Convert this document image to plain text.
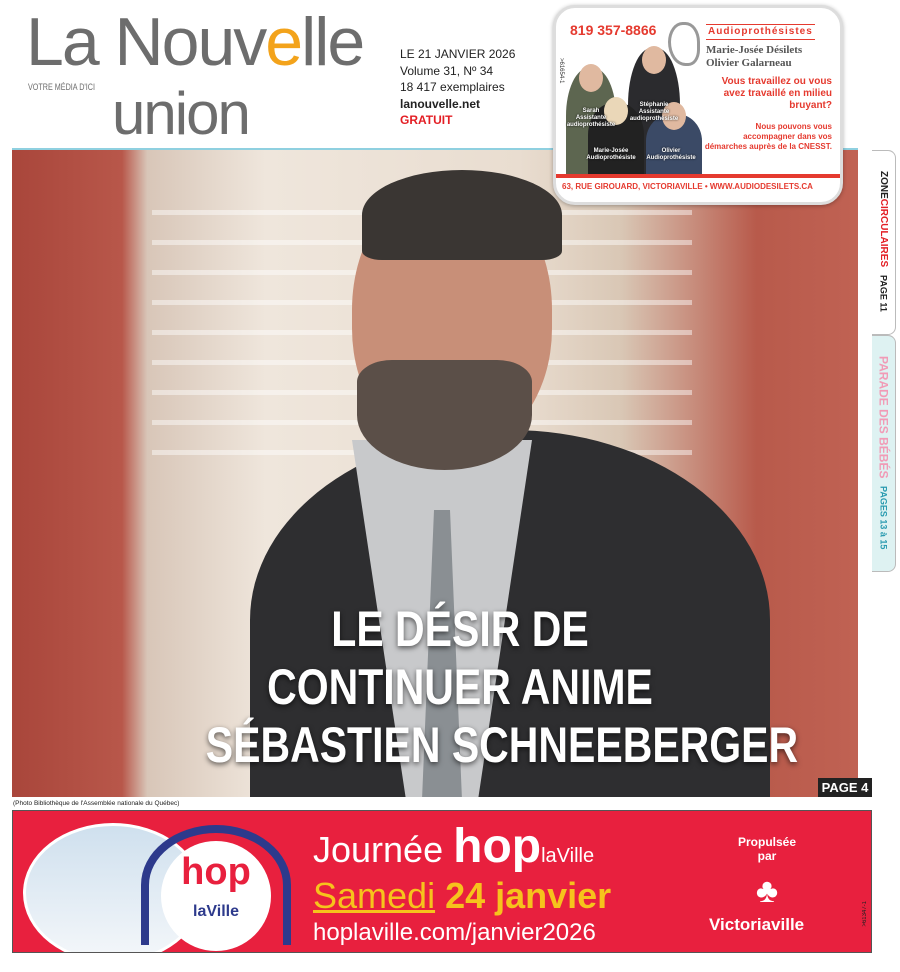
La Nouvelle
VOTRE MÉDIA D'ICI union
LE 21 JANVIER 2026
Volume 31, Nº 34
18 417 exemplaires
lanouvelle.net
GRATUIT
819 357-8866
>61654-1
Audioprothésistes
Marie-Josée Désilets
Olivier Galarneau
Sarah
Assistante audioprothésiste
Stéphanie
Assistante audioprothésiste
Marie-Josée
Audioprothésiste
Olivier
Audioprothésiste
Vous travaillez ou vous avez travaillé en milieu bruyant?
Nous pouvons vous accompagner dans vos démarches auprès de la CNESST.
63, RUE GIROUARD, VICTORIAVILLE • WWW.AUDIODESILETS.CA
LE DÉSIR DE
CONTINUER ANIME
SÉBASTIEN SCHNEEBERGER
PAGE 4
(Photo Bibliothèque de l'Assemblée nationale du Québec)
ZONECIRCULAIRES
PAGE 11
PARADE DES BÉBÉS
PAGES 13 à 15
hop
laVille
Journée hoplaVille
Samedi 24 janvier
hoplaville.com/janvier2026
Propulsée par
♣
Victoriaville	>61347-1
